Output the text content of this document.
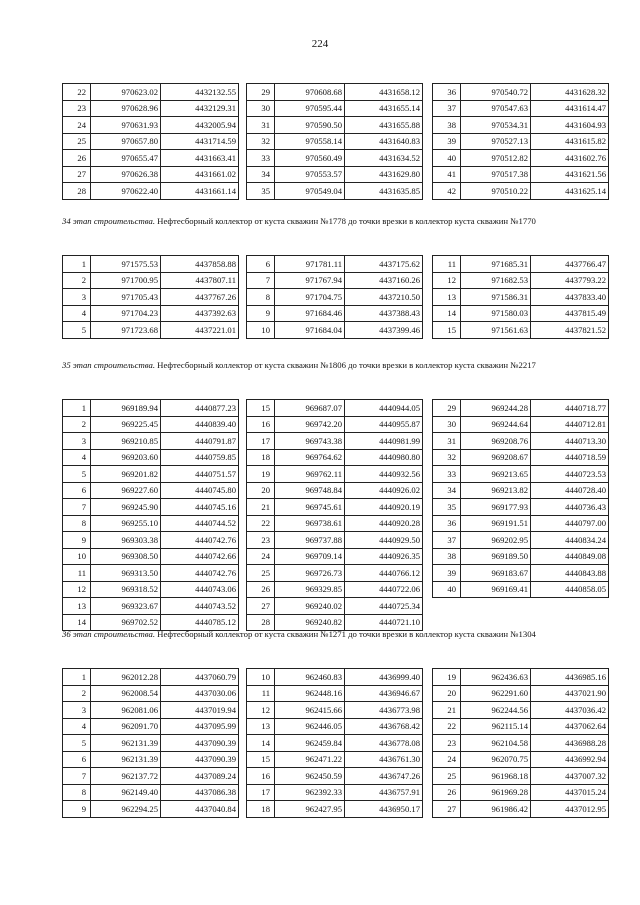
224
22	970623.02	4432132.55
23	970628.96	4432129.31
24	970631.93	4432005.94
25	970657.80	4431714.59
26	970655.47	4431663.41
27	970626.38	4431661.02
28	970622.40	4431661.14
29	970608.68	4431658.12
30	970595.44	4431655.14
31	970590.50	4431655.88
32	970558.14	4431640.83
33	970560.49	4431634.52
34	970553.57	4431629.80
35	970549.04	4431635.85
36	970540.72	4431628.32
37	970547.63	4431614.47
38	970534.31	4431604.93
39	970527.13	4431615.82
40	970512.82	4431602.76
41	970517.38	4431621.56
42	970510.22	4431625.14
34 этап строительства. Нефтесборный коллектор от куста скважин №1778 до точки врезки в коллектор куста скважин №1770
1	971575.53	4437858.88
2	971700.95	4437807.11
3	971705.43	4437767.26
4	971704.23	4437392.63
5	971723.68	4437221.01
6	971781.11	4437175.62
7	971767.94	4437160.26
8	971704.75	4437210.50
9	971684.46	4437388.43
10	971684.04	4437399.46
11	971685.31	4437766.47
12	971682.53	4437793.22
13	971586.31	4437833.40
14	971580.03	4437815.49
15	971561.63	4437821.52
35 этап строительства. Нефтесборный коллектор от куста скважин №1806 до точки врезки в коллектор куста скважин №2217
1	969189.94	4440877.23
2	969225.45	4440839.40
3	969210.85	4440791.87
4	969203.60	4440759.85
5	969201.82	4440751.57
6	969227.60	4440745.80
7	969245.90	4440745.16
8	969255.10	4440744.52
9	969303.38	4440742.76
10	969308.50	4440742.66
11	969313.50	4440742.76
12	969318.52	4440743.06
13	969323.67	4440743.52
14	969702.52	4440785.12
15	969687.07	4440944.05
16	969742.20	4440955.87
17	969743.38	4440981.99
18	969764.62	4440980.80
19	969762.11	4440932.56
20	969748.84	4440926.02
21	969745.61	4440920.19
22	969738.61	4440920.28
23	969737.88	4440929.50
24	969709.14	4440926.35
25	969726.73	4440766.12
26	969329.85	4440722.06
27	969240.02	4440725.34
28	969240.82	4440721.10
29	969244.28	4440718.77
30	969244.64	4440712.81
31	969208.76	4440713.30
32	969208.67	4440718.59
33	969213.65	4440723.53
34	969213.82	4440728.40
35	969177.93	4440736.43
36	969191.51	4440797.00
37	969202.95	4440834.24
38	969189.50	4440849.08
39	969183.67	4440843.88
40	969169.41	4440858.05
36 этап строительства. Нефтесборный коллектор от куста скважин №1271 до точки врезки в коллектор куста скважин №1304
1	962012.28	4437060.79
2	962008.54	4437030.06
3	962081.06	4437019.94
4	962091.70	4437095.99
5	962131.39	4437090.39
6	962131.39	4437090.39
7	962137.72	4437089.24
8	962149.40	4437086.38
9	962294.25	4437040.84
10	962460.83	4436999.40
11	962448.16	4436946.67
12	962415.66	4436773.98
13	962446.05	4436768.42
14	962459.84	4436778.08
15	962471.22	4436761.30
16	962450.59	4436747.26
17	962392.33	4436757.91
18	962427.95	4436950.17
19	962436.63	4436985.16
20	962291.60	4437021.90
21	962244.56	4437036.42
22	962115.14	4437062.64
23	962104.58	4436988.28
24	962070.75	4436992.94
25	961968.18	4437007.32
26	961969.28	4437015.24
27	961986.42	4437012.95
